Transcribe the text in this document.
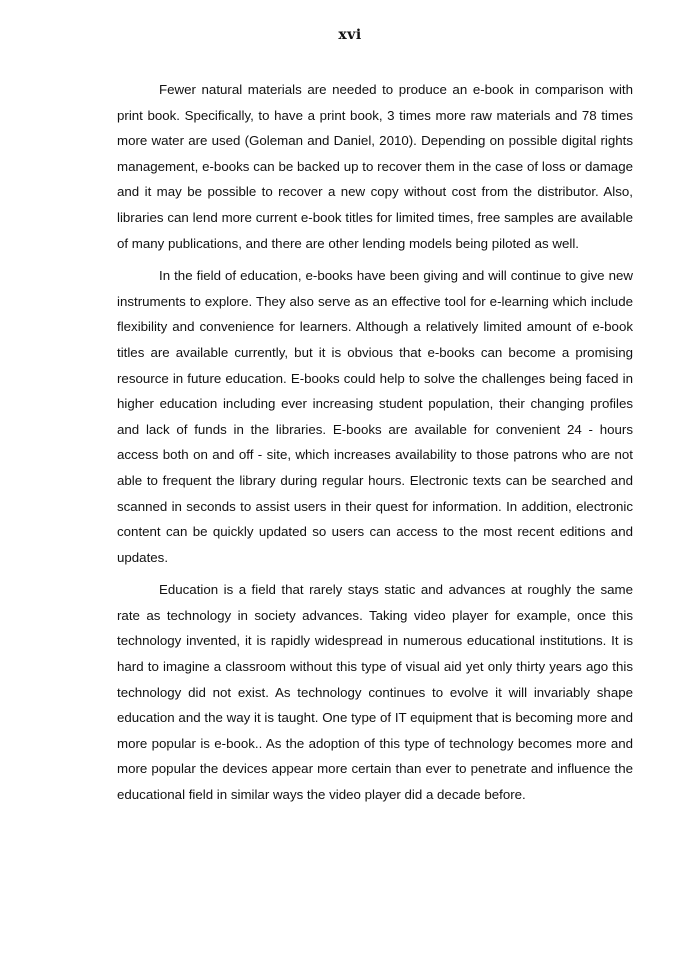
xvi

Fewer natural materials are needed to produce an e-book in comparison with print book. Specifically, to have a print book, 3 times more raw materials and 78 times more water are used (Goleman and Daniel, 2010). Depending on possible digital rights management, e-books can be backed up to recover them in the case of loss or damage and it may be possible to recover a new copy without cost from the distributor. Also, libraries can lend more current e-book titles for limited times, free samples are available of many publications, and there are other lending models being piloted as well.

In the field of education, e-books have been giving and will continue to give new instruments to explore. They also serve as an effective tool for e-learning which include flexibility and convenience for learners. Although a relatively limited amount of e-book titles are available currently, but it is obvious that e-books can become a promising resource in future education. E-books could help to solve the challenges being faced in higher education including ever increasing student population, their changing profiles and lack of funds in the libraries. E-books are available for convenient 24 - hours access both on and off - site, which increases availability to those patrons who are not able to frequent the library during regular hours. Electronic texts can be searched and scanned in seconds to assist users in their quest for information. In addition, electronic content can be quickly updated so users can access to the most recent editions and updates.

Education is a field that rarely stays static and advances at roughly the same rate as technology in society advances. Taking video player for example, once this technology invented, it is rapidly widespread in numerous educational institutions. It is hard to imagine a classroom without this type of visual aid yet only thirty years ago this technology did not exist. As technology continues to evolve it will invariably shape education and the way it is taught. One type of IT equipment that is becoming more and more popular is e-book.. As the adoption of this type of technology becomes more and more popular the devices appear more certain than ever to penetrate and influence the educational field in similar ways the video player did a decade before.
